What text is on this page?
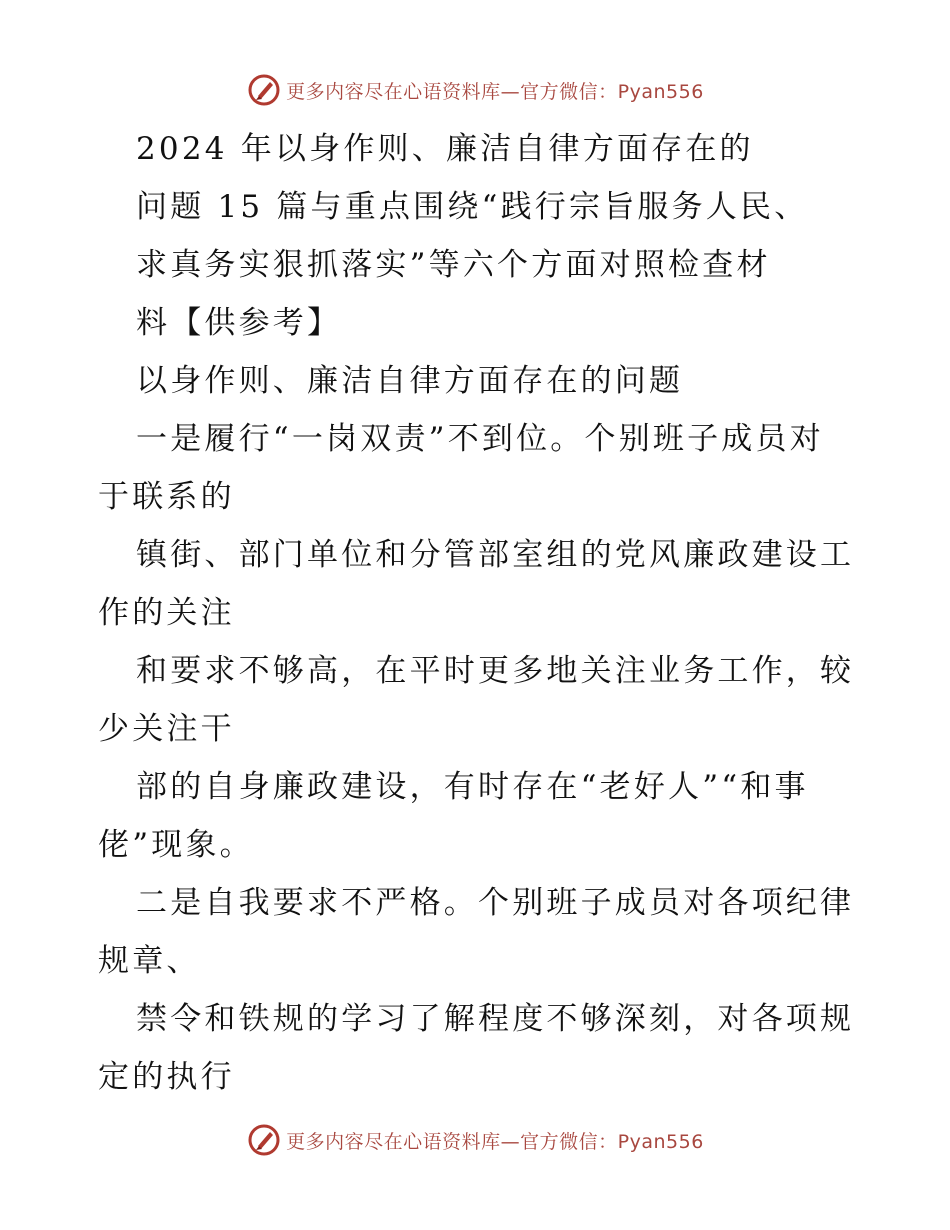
更多内容尽在心语资料库—官方微信：Pyan556
2024 年以身作则、廉洁自律方面存在的
问题 15 篇与重点围绕“践行宗旨服务人民、
求真务实狠抓落实”等六个方面对照检查材
料【供参考】
以身作则、廉洁自律方面存在的问题
一是履行“一岗双责”不到位。个别班子成员对
于联系的
镇街、部门单位和分管部室组的党风廉政建设工
作的关注
和要求不够高，在平时更多地关注业务工作，较
少关注干
部的自身廉政建设，有时存在“老好人”“和事
佬”现象。
二是自我要求不严格。个别班子成员对各项纪律
规章、
禁令和铁规的学习了解程度不够深刻，对各项规
定的执行
更多内容尽在心语资料库—官方微信：Pyan556
